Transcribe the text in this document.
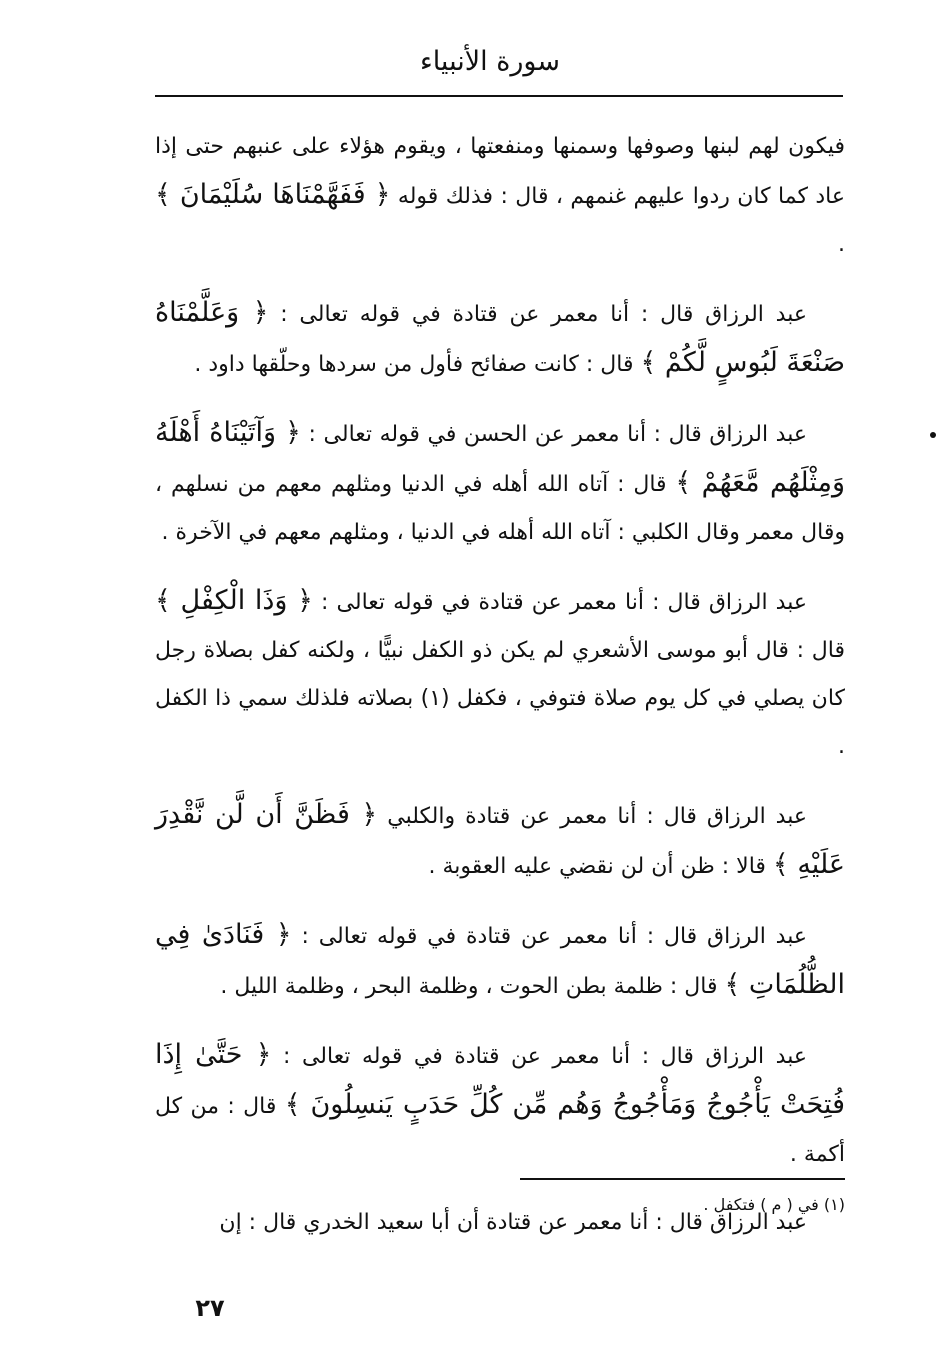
سورة الأنبياء

فيكون لهم لبنها وصوفها وسمنها ومنفعتها ، ويقوم هؤلاء على عنبهم حتى إذا عاد كما كان ردوا عليهم غنمهم ، قال : فذلك قوله ﴿ فَفَهَّمْنَاهَا سُلَيْمَانَ ﴾ .

عبد الرزاق قال : أنا معمر عن قتادة في قوله تعالى : ﴿ وَعَلَّمْنَاهُ صَنْعَةَ لَبُوسٍ لَّكُمْ ﴾ قال : كانت صفائح فأول من سردها وحلّقها داود .

عبد الرزاق قال : أنا معمر عن الحسن في قوله تعالى : ﴿ وَآتَيْنَاهُ أَهْلَهُ وَمِثْلَهُم مَّعَهُمْ ﴾ قال : آتاه الله أهله في الدنيا ومثلهم معهم من نسلهم ، وقال معمر وقال الكلبي : آتاه الله أهله في الدنيا ، ومثلهم معهم في الآخرة .

عبد الرزاق قال : أنا معمر عن قتادة في قوله تعالى : ﴿ وَذَا الْكِفْلِ ﴾ قال : قال أبو موسى الأشعري لم يكن ذو الكفل نبيًّا ، ولكنه كفل بصلاة رجل كان يصلي في كل يوم صلاة فتوفي ، فكفل (١) بصلاته فلذلك سمي ذا الكفل .

عبد الرزاق قال : أنا معمر عن قتادة والكلبي ﴿ فَظَنَّ أَن لَّن نَّقْدِرَ عَلَيْهِ ﴾ قالا : ظن أن لن نقضي عليه العقوبة .

عبد الرزاق قال : أنا معمر عن قتادة في قوله تعالى : ﴿ فَنَادَىٰ فِي الظُّلُمَاتِ ﴾ قال : ظلمة بطن الحوت ، وظلمة البحر ، وظلمة الليل .

عبد الرزاق قال : أنا معمر عن قتادة في قوله تعالى : ﴿ حَتَّىٰ إِذَا فُتِحَتْ يَأْجُوجُ وَمَأْجُوجُ وَهُم مِّن كُلِّ حَدَبٍ يَنسِلُونَ ﴾ قال : من كل أكمة .

عبد الرزاق قال : أنا معمر عن قتادة أن أبا سعيد الخدري قال : إن

(١) في ( م ) فتكفل .
٢٧
